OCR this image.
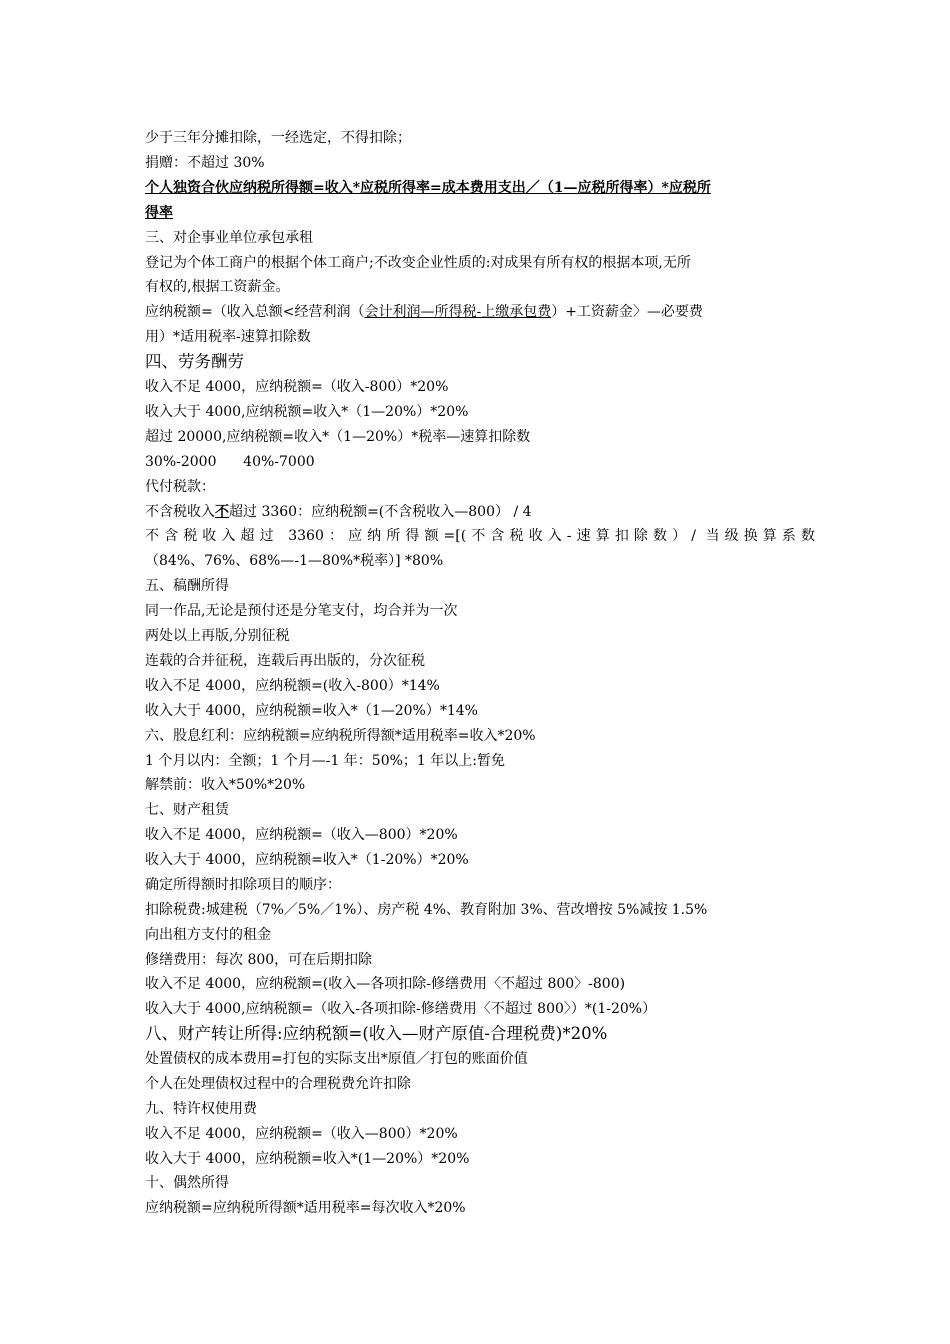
少于三年分摊扣除，一经选定，不得扣除；
捐赠：不超过 30%
个人独资合伙应纳税所得额=收入*应税所得率=成本费用支出／（1—应税所得率）*应税所
得率
三、对企事业单位承包承租
登记为个体工商户的根据个体工商户;不改变企业性质的:对成果有所有权的根据本项,无所
有权的,根据工资薪金。
应纳税额=（收入总额<经营利润（会计利润—所得税-上缴承包费）+工资薪金〉—必要费
用）*适用税率-速算扣除数
四、劳务酬劳
收入不足 4000，应纳税额=（收入-800）*20%
收入大于 4000,应纳税额=收入*（1—20%）*20%
超过 20000,应纳税额=收入*（1—20%）*税率—速算扣除数
30%-2000      40%-7000
代付税款：
不含税收入不超过 3360：应纳税额=(不含税收入—800） / 4
不含税收入超过 3360：应纳所得额=[(不含税收入-速算扣除数）/ 当级换算系数
（84%、76%、68%—-1—80%*税率）] *80%
五、稿酬所得
同一作品,无论是预付还是分笔支付，均合并为一次
两处以上再版,分别征税
连载的合并征税，连载后再出版的，分次征税
收入不足 4000，应纳税额=(收入-800）*14%
收入大于 4000，应纳税额=收入*（1—20%）*14%
六、股息红利：应纳税额=应纳税所得额*适用税率=收入*20%
1 个月以内：全额；1 个月—-1 年：50%；1 年以上:暂免
解禁前：收入*50%*20%
七、财产租赁
收入不足 4000，应纳税额=（收入—800）*20%
收入大于 4000，应纳税额=收入*（1-20%）*20%
确定所得额时扣除项目的顺序：
扣除税费:城建税（7%／5%／1%）、房产税 4%、教育附加 3%、营改增按 5%减按 1.5%
向出租方支付的租金
修缮费用：每次 800，可在后期扣除
收入不足 4000，应纳税额=(收入—各项扣除-修缮费用〈不超过 800〉-800)
收入大于 4000,应纳税额=（收入-各项扣除-修缮费用〈不超过 800〉）*(1-20%）
八、财产转让所得:应纳税额=(收入—财产原值-合理税费)*20%
处置债权的成本费用=打包的实际支出*原值／打包的账面价值
个人在处理债权过程中的合理税费允许扣除
九、特许权使用费
收入不足 4000，应纳税额=（收入—800）*20%
收入大于 4000，应纳税额=收入*(1—20%）*20%
十、偶然所得
应纳税额=应纳税所得额*适用税率=每次收入*20%
